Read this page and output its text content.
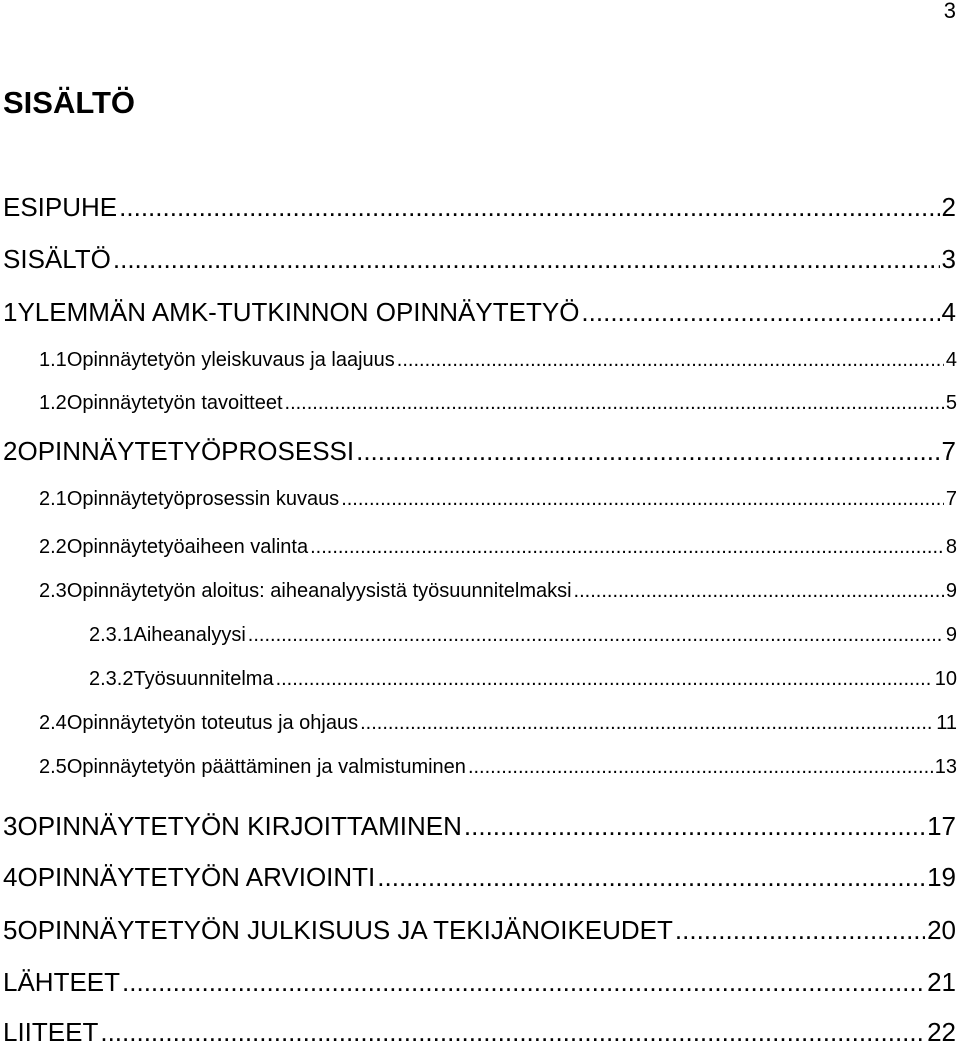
3
SISÄLTÖ
ESIPUHE .....	2
SISÄLTÖ .....	3
1 YLEMMÄN AMK-TUTKINNON OPINNÄYTETYÖ .....	4
1.1 Opinnäytetyön yleiskuvaus ja laajuus .....	4
1.2 Opinnäytetyön tavoitteet .....	5
2 OPINNÄYTETYÖPROSESSI .....	7
2.1 Opinnäytetyöprosessin kuvaus .....	7
2.2 Opinnäytetyöaiheen valinta .....	8
2.3 Opinnäytetyön aloitus: aiheanalyysistä työsuunnitelmaksi .....	9
2.3.1 Aiheanalyysi .....	9
2.3.2 Työsuunnitelma .....	10
2.4 Opinnäytetyön toteutus ja ohjaus .....	11
2.5 Opinnäytetyön päättäminen ja valmistuminen .....	13
3 OPINNÄYTETYÖN KIRJOITTAMINEN .....	17
4 OPINNÄYTETYÖN ARVIOINTI .....	19
5 OPINNÄYTETYÖN JULKISUUS JA TEKIJÄNOIKEUDET .....	20
LÄHTEET .....	21
LIITEET .....	22
